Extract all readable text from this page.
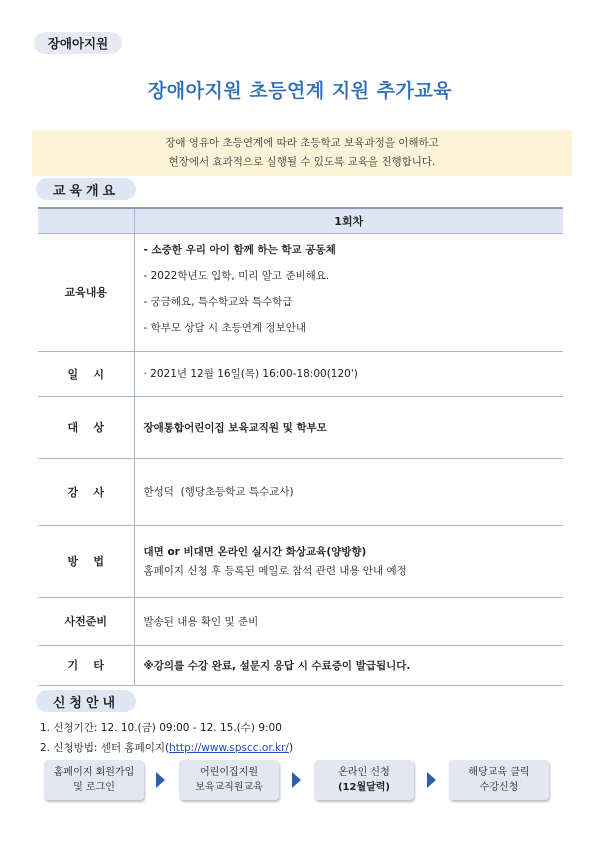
장애아지원
장애아지원 초등연계 지원 추가교육
장애 영유아 초등연계에 따라 초등학교 보육과정을 이해하고
현장에서 효과적으로 실행될 수 있도록 교육을 진행합니다.
교육개요
	1회차
교육내용	- 소중한 우리 아이 함께 하는 학교 공동체
- 2022학년도 입학, 미리 알고 준비해요.
- 궁금해요, 특수학교와 특수학급
- 학부모 상담 시 초등연계 정보안내

일    시	· 2021년 12월 16일(목) 16:00-18:00(120')
대    상	장애통합어린이집 보육교직원 및 학부모
강    사	한성덕  (행당초등학교 특수교사)
방    법	대면 or 비대면 온라인 실시간 화상교육(양방향)
홈페이지 신청 후 등록된 메일로 참석 관련 내용 안내 예정

사전준비	발송된 내용 확인 및 준비
기    타	※강의를 수강 완료, 설문지 응답 시 수료증이 발급됩니다.
신청안내
1. 신청기간: 12. 10.(금) 09:00 - 12. 15.(수) 9:00
2. 신청방법: 센터 홈페이지(http://www.spscc.or.kr/)
홈페이지 회원가입
및 로그인
어린이집지원
보육교직원교육
온라인 신청
(12월달력)
해당교육 클릭
수강신청
